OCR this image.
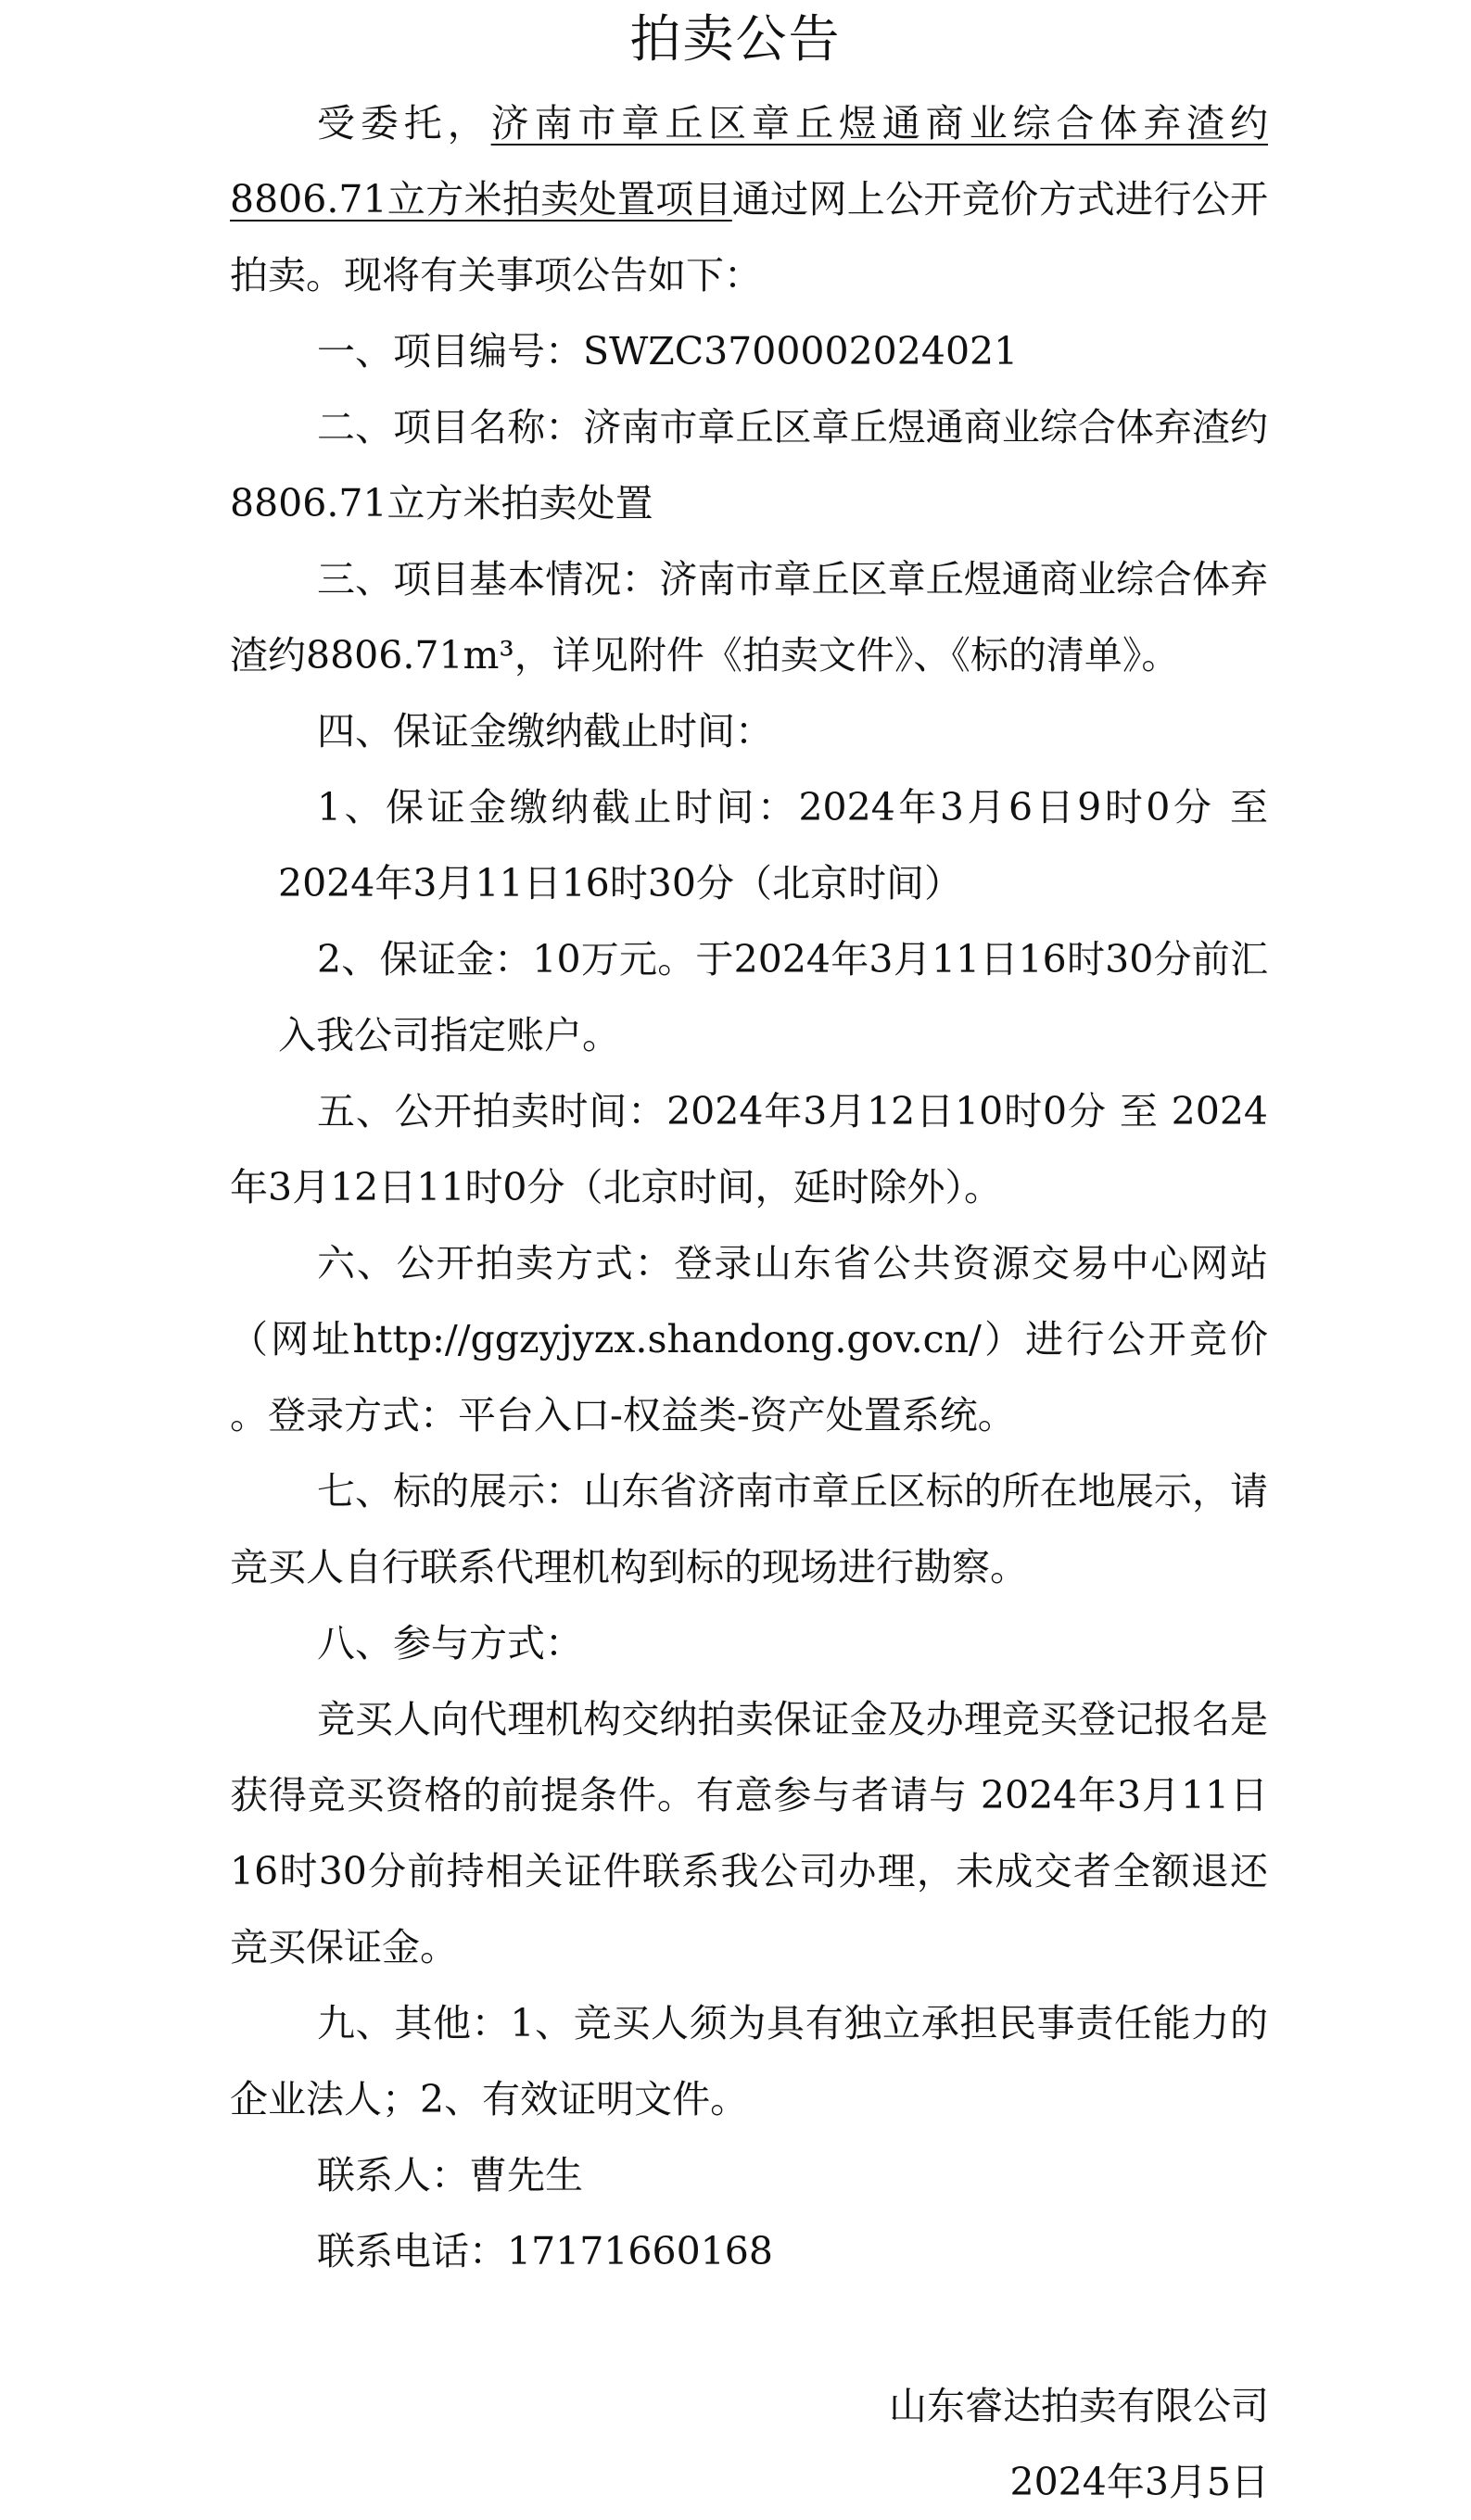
拍卖公告

受委托，济南市章丘区章丘煜通商业综合体弃渣约8806.71立方米拍卖处置项目通过网上公开竞价方式进行公开拍卖。现将有关事项公告如下：

一、项目编号：SWZC3700002024021

二、项目名称：济南市章丘区章丘煜通商业综合体弃渣约8806.71立方米拍卖处置

三、项目基本情况：济南市章丘区章丘煜通商业综合体弃渣约8806.71m³，详见附件《拍卖文件》、《标的清单》。

四、保证金缴纳截止时间：

1、保证金缴纳截止时间：2024年3月6日9时0分 至 2024年3月11日16时30分（北京时间）

2、保证金：10万元。于2024年3月11日16时30分前汇入我公司指定账户。

五、公开拍卖时间：2024年3月12日10时0分 至 2024年3月12日11时0分（北京时间，延时除外）。

六、公开拍卖方式：登录山东省公共资源交易中心网站（网址http://ggzyjyzx.shandong.gov.cn/）进行公开竞价 。登录方式：平台入口-权益类-资产处置系统。

七、标的展示：山东省济南市章丘区标的所在地展示，请竞买人自行联系代理机构到标的现场进行勘察。

八、参与方式：

竞买人向代理机构交纳拍卖保证金及办理竞买登记报名是获得竞买资格的前提条件。有意参与者请与 2024年3月11日16时30分前持相关证件联系我公司办理，未成交者全额退还竞买保证金。

九、其他：1、竞买人须为具有独立承担民事责任能力的企业法人；2、有效证明文件。

联系人：曹先生

联系电话：17171660168

山东睿达拍卖有限公司
2024年3月5日
